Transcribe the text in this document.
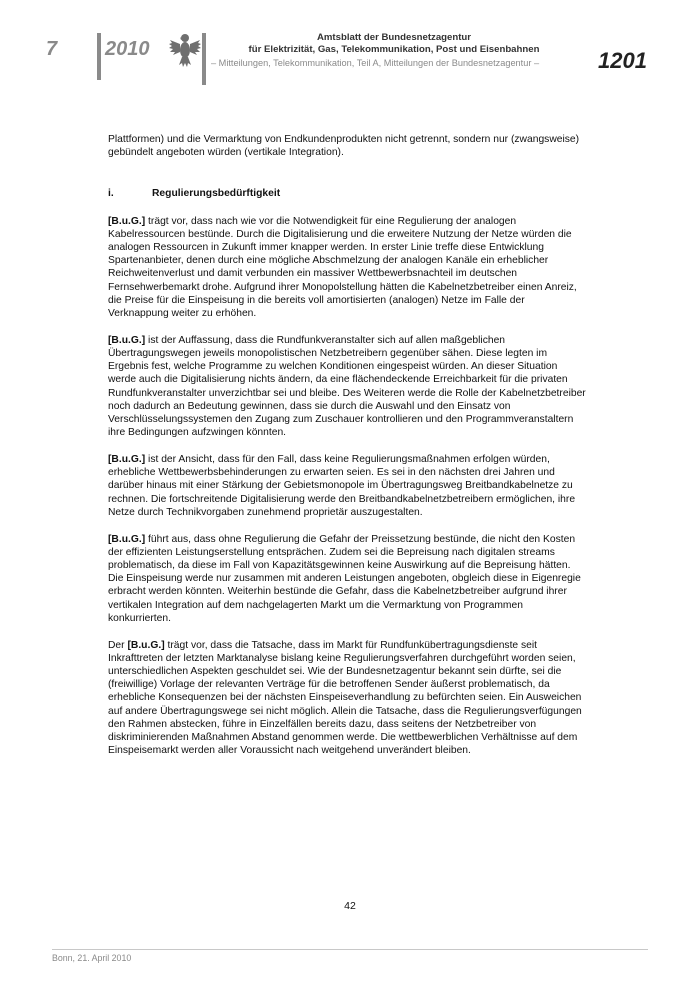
7 2010
Amtsblatt der Bundesnetzagentur
für Elektrizität, Gas, Telekommunikation, Post und Eisenbahnen
– Mitteilungen, Telekommunikation, Teil A, Mitteilungen der Bundesnetzagentur –	1201

Plattformen) und die Vermarktung von Endkundenprodukten nicht getrennt, sondern nur (zwangsweise) gebündelt angeboten würden (vertikale Integration).

i.	Regulierungsbedürftigkeit

[B.u.G.] trägt vor, dass nach wie vor die Notwendigkeit für eine Regulierung der analogen Kabelressourcen bestünde. Durch die Digitalisierung und die erweitere Nutzung der Netze würden die analogen Ressourcen in Zukunft immer knapper werden. In erster Linie treffe diese Entwicklung Spartenanbieter, denen durch eine mögliche Abschmelzung der analogen Kanäle ein erheblicher Reichweitenverlust und damit verbunden ein massiver Wettbewerbsnachteil im deutschen Fernsehwerbemarkt drohe. Aufgrund ihrer Monopolstellung hätten die Kabelnetzbetreiber einen Anreiz, die Preise für die Einspeisung in die bereits voll amortisierten (analogen) Netze im Falle der Verknappung weiter zu erhöhen.

[B.u.G.] ist der Auffassung, dass die Rundfunkveranstalter sich auf allen maßgeblichen Übertragungswegen jeweils monopolistischen Netzbetreibern gegenüber sähen. Diese legten im Ergebnis fest, welche Programme zu welchen Konditionen eingespeist würden. An dieser Situation werde auch die Digitalisierung nichts ändern, da eine flächendeckende Erreichbarkeit für die privaten Rundfunkveranstalter unverzichtbar sei und bleibe. Des Weiteren werde die Rolle der Kabelnetzbetreiber noch dadurch an Bedeutung gewinnen, dass sie durch die Auswahl und den Einsatz von Verschlüsselungssystemen den Zugang zum Zuschauer kontrollieren und den Programmveranstaltern ihre Bedingungen aufzwingen könnten.

[B.u.G.] ist der Ansicht, dass für den Fall, dass keine Regulierungsmaßnahmen erfolgen würden, erhebliche Wettbewerbsbehinderungen zu erwarten seien. Es sei in den nächsten drei Jahren und darüber hinaus mit einer Stärkung der Gebietsmonopole im Übertragungsweg Breitbandkabelnetze zu rechnen. Die fortschreitende Digitalisierung werde den Breitbandkabelnetzbetreibern ermöglichen, ihre Netze durch Technikvorgaben zunehmend proprietär auszugestalten.

[B.u.G.] führt aus, dass ohne Regulierung die Gefahr der Preissetzung bestünde, die nicht den Kosten der effizienten Leistungserstellung entsprächen. Zudem sei die Bepreisung nach digitalen streams problematisch, da diese im Fall von Kapazitätsgewinnen keine Auswirkung auf die Bepreisung hätten. Die Einspeisung werde nur zusammen mit anderen Leistungen angeboten, obgleich diese in Eigenregie erbracht werden könnten. Weiterhin bestünde die Gefahr, dass die Kabelnetzbetreiber aufgrund ihrer vertikalen Integration auf dem nachgelagerten Markt um die Vermarktung von Programmen konkurrierten.

Der [B.u.G.] trägt vor, dass die Tatsache, dass im Markt für Rundfunkübertragungsdienste seit Inkrafttreten der letzten Marktanalyse bislang keine Regulierungsverfahren durchgeführt worden seien, unterschiedlichen Aspekten geschuldet sei. Wie der Bundesnetzagentur bekannt sein dürfte, sei die (freiwillige) Vorlage der relevanten Verträge für die betroffenen Sender äußerst problematisch, da erhebliche Konsequenzen bei der nächsten Einspeiseverhandlung zu befürchten seien. Ein Ausweichen auf andere Übertragungswege sei nicht möglich. Allein die Tatsache, dass die Regulierungsverfügungen den Rahmen abstecken, führe in Einzelfällen bereits dazu, dass seitens der Netzbetreiber von diskriminierenden Maßnahmen Abstand genommen werde. Die wettbewerblichen Verhältnisse auf dem Einspeisemarkt werden aller Voraussicht nach weitgehend unverändert bleiben.

42
Bonn, 21. April 2010
